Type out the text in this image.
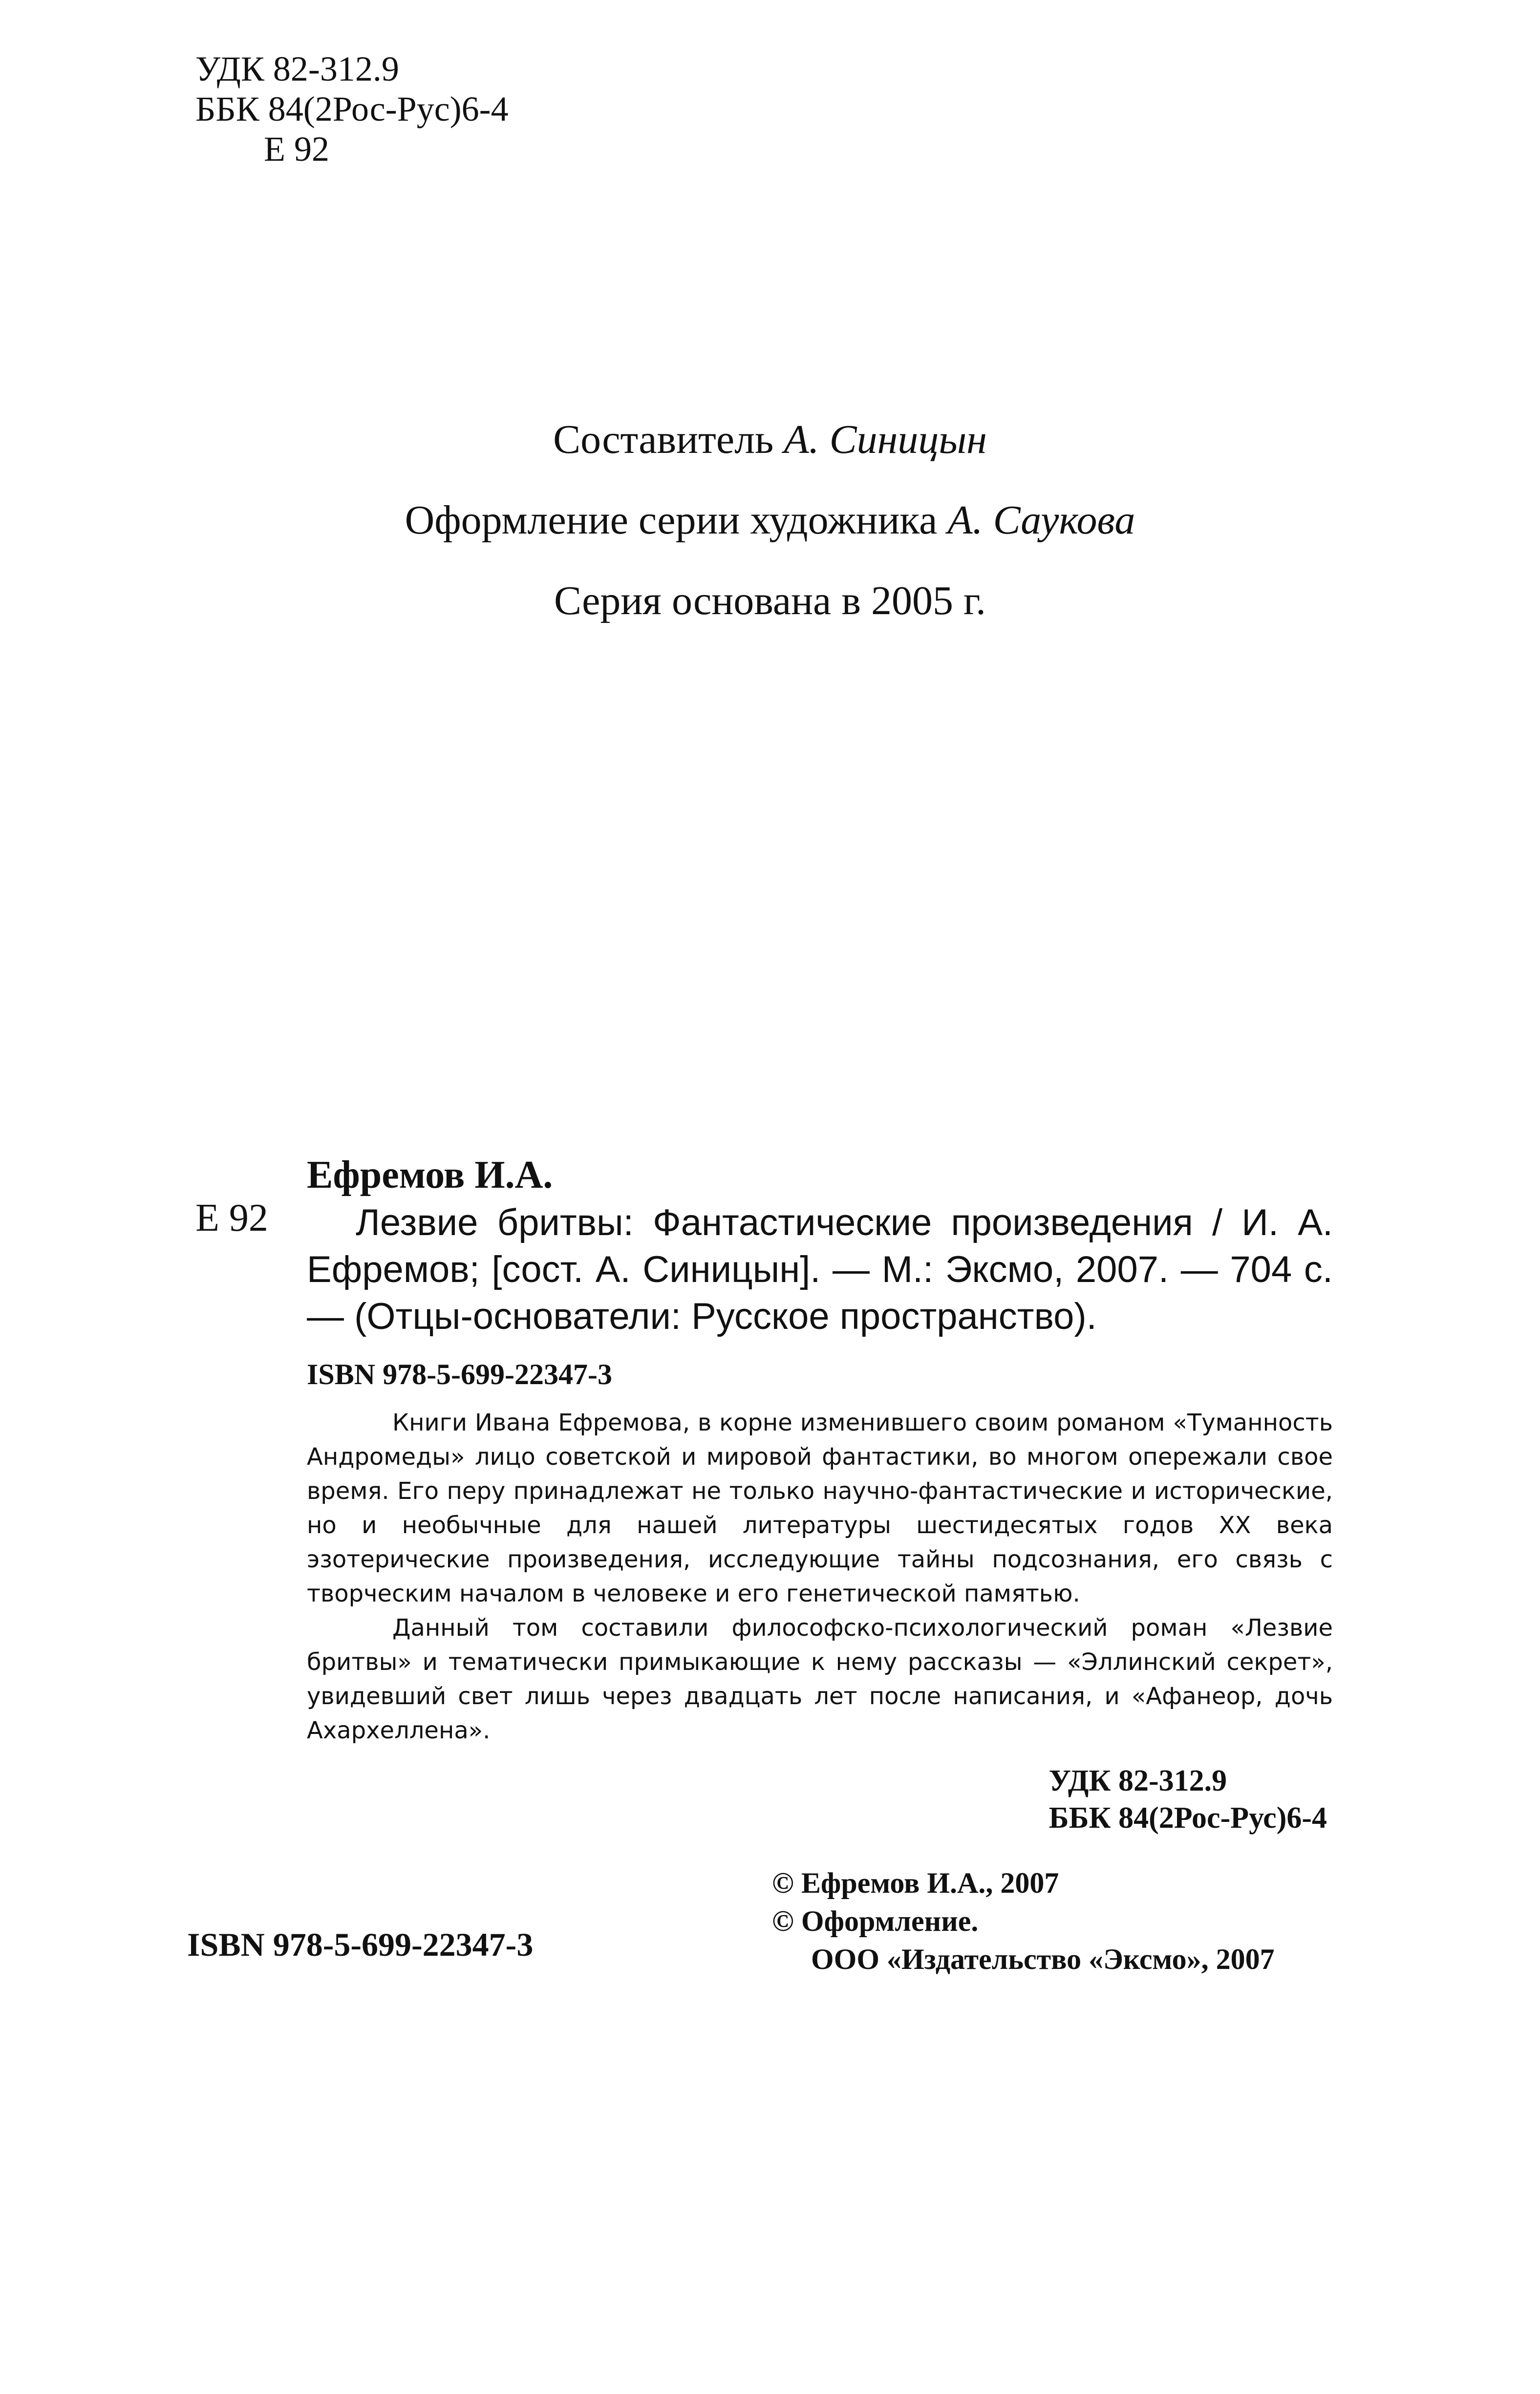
УДК 82-312.9
ББК 84(2Рос-Рус)6-4
Е 92
Составитель А. Синицын
Оформление серии художника А. Саукова
Серия основана в 2005 г.
Е 92
Ефремов И.А.
Лезвие бритвы: Фантастические произведения / И. А. Ефремов; [сост. А. Синицын]. — М.: Эксмо, 2007. — 704 с. — (Отцы-основатели: Русское пространство).
ISBN 978-5-699-22347-3

Книги Ивана Ефремова, в корне изменившего своим романом «Туманность Андромеды» лицо советской и мировой фантастики, во многом опережали свое время. Его перу принадлежат не только научно-фантастические и исторические, но и необычные для нашей литературы шестидесятых годов XX века эзотерические произведения, исследующие тайны подсознания, его связь с творческим началом в человеке и его генетической памятью.

Данный том составили философско-психологический роман «Лезвие бритвы» и тематически примыкающие к нему рассказы — «Эллинский секрет», увидевший свет лишь через двадцать лет после написания, и «Афанеор, дочь Ахархеллена».

УДК 82-312.9
ББК 84(2Рос-Рус)6-4
ISBN 978-5-699-22347-3
© Ефремов И.А., 2007
© Оформление.
ООО «Издательство «Эксмо», 2007
